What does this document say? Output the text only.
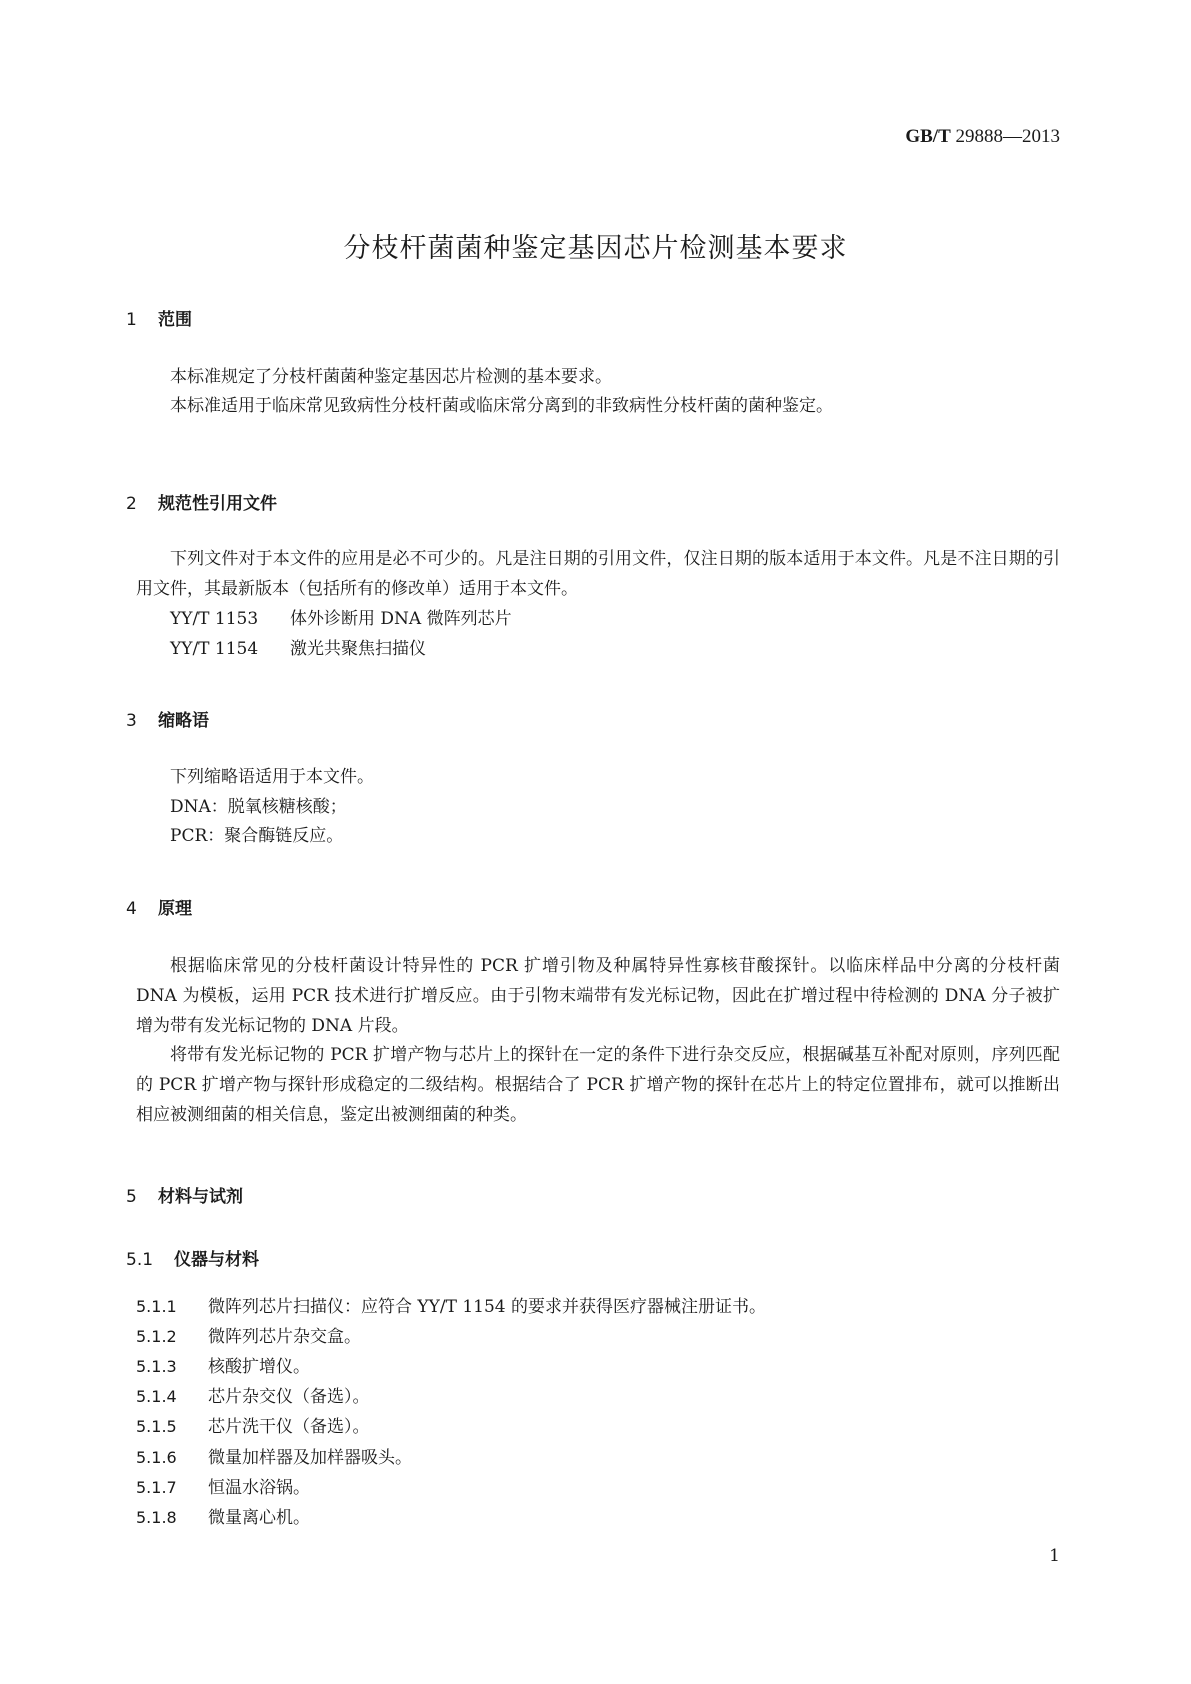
GB/T 29888—2013
分枝杆菌菌种鉴定基因芯片检测基本要求
1 范围
本标准规定了分枝杆菌菌种鉴定基因芯片检测的基本要求。
本标准适用于临床常见致病性分枝杆菌或临床常分离到的非致病性分枝杆菌的菌种鉴定。
2 规范性引用文件
下列文件对于本文件的应用是必不可少的。凡是注日期的引用文件，仅注日期的版本适用于本文件。凡是不注日期的引用文件，其最新版本（包括所有的修改单）适用于本文件。
YY/T 1153 体外诊断用 DNA 微阵列芯片
YY/T 1154 激光共聚焦扫描仪
3 缩略语
下列缩略语适用于本文件。
DNA：脱氧核糖核酸；
PCR：聚合酶链反应。
4 原理
根据临床常见的分枝杆菌设计特异性的 PCR 扩增引物及种属特异性寡核苷酸探针。以临床样品中分离的分枝杆菌 DNA 为模板，运用 PCR 技术进行扩增反应。由于引物末端带有发光标记物，因此在扩增过程中待检测的 DNA 分子被扩增为带有发光标记物的 DNA 片段。
将带有发光标记物的 PCR 扩增产物与芯片上的探针在一定的条件下进行杂交反应，根据碱基互补配对原则，序列匹配的 PCR 扩增产物与探针形成稳定的二级结构。根据结合了 PCR 扩增产物的探针在芯片上的特定位置排布，就可以推断出相应被测细菌的相关信息，鉴定出被测细菌的种类。
5 材料与试剂
5.1 仪器与材料
5.1.1 微阵列芯片扫描仪：应符合 YY/T 1154 的要求并获得医疗器械注册证书。
5.1.2 微阵列芯片杂交盒。
5.1.3 核酸扩增仪。
5.1.4 芯片杂交仪（备选）。
5.1.5 芯片洗干仪（备选）。
5.1.6 微量加样器及加样器吸头。
5.1.7 恒温水浴锅。
5.1.8 微量离心机。
1
